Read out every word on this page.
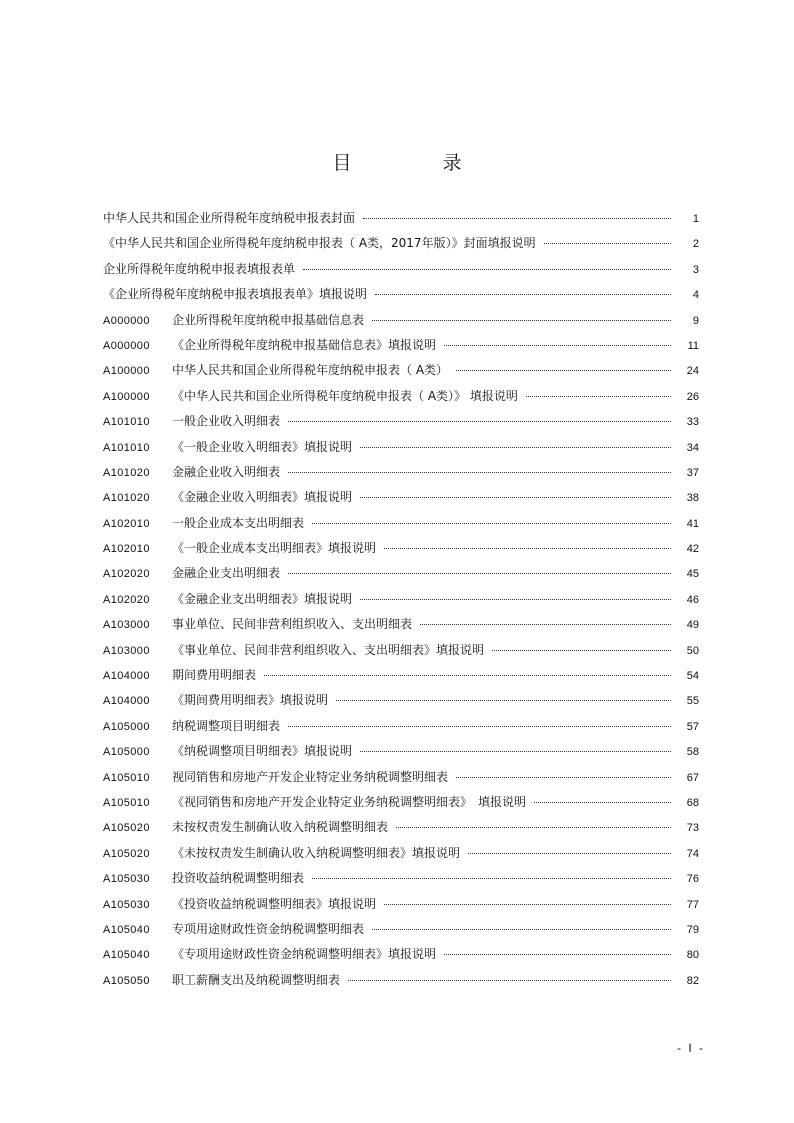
目　录
中华人民共和国企业所得税年度纳税申报表封面	1
《中华人民共和国企业所得税年度纳税申报表（ A类，2017年版）》封面填报说明	2
企业所得税年度纳税申报表填报表单	3
《企业所得税年度纳税申报表填报表单》填报说明	4
A000000	企业所得税年度纳税申报基础信息表	9
A000000	《企业所得税年度纳税申报基础信息表》填报说明	11
A100000	中华人民共和国企业所得税年度纳税申报表（ A类）	24
A100000	《中华人民共和国企业所得税年度纳税申报表（ A类）》 填报说明	26
A101010	一般企业收入明细表	33
A101010	《一般企业收入明细表》填报说明	34
A101020	金融企业收入明细表	37
A101020	《金融企业收入明细表》填报说明	38
A102010	一般企业成本支出明细表	41
A102010	《一般企业成本支出明细表》填报说明	42
A102020	金融企业支出明细表	45
A102020	《金融企业支出明细表》填报说明	46
A103000	事业单位、民间非营利组织收入、支出明细表	49
A103000	《事业单位、民间非营利组织收入、支出明细表》填报说明	50
A104000	期间费用明细表	54
A104000	《期间费用明细表》填报说明	55
A105000	纳税调整项目明细表	57
A105000	《纳税调整项目明细表》填报说明	58
A105010	视同销售和房地产开发企业特定业务纳税调整明细表	67
A105010	《视同销售和房地产开发企业特定业务纳税调整明细表》　填报说明	68
A105020	未按权责发生制确认收入纳税调整明细表	73
A105020	《未按权责发生制确认收入纳税调整明细表》填报说明	74
A105030	投资收益纳税调整明细表	76
A105030	《投资收益纳税调整明细表》填报说明	77
A105040	专项用途财政性资金纳税调整明细表	79
A105040	《专项用途财政性资金纳税调整明细表》填报说明	80
A105050	职工薪酬支出及纳税调整明细表	82
- I -
